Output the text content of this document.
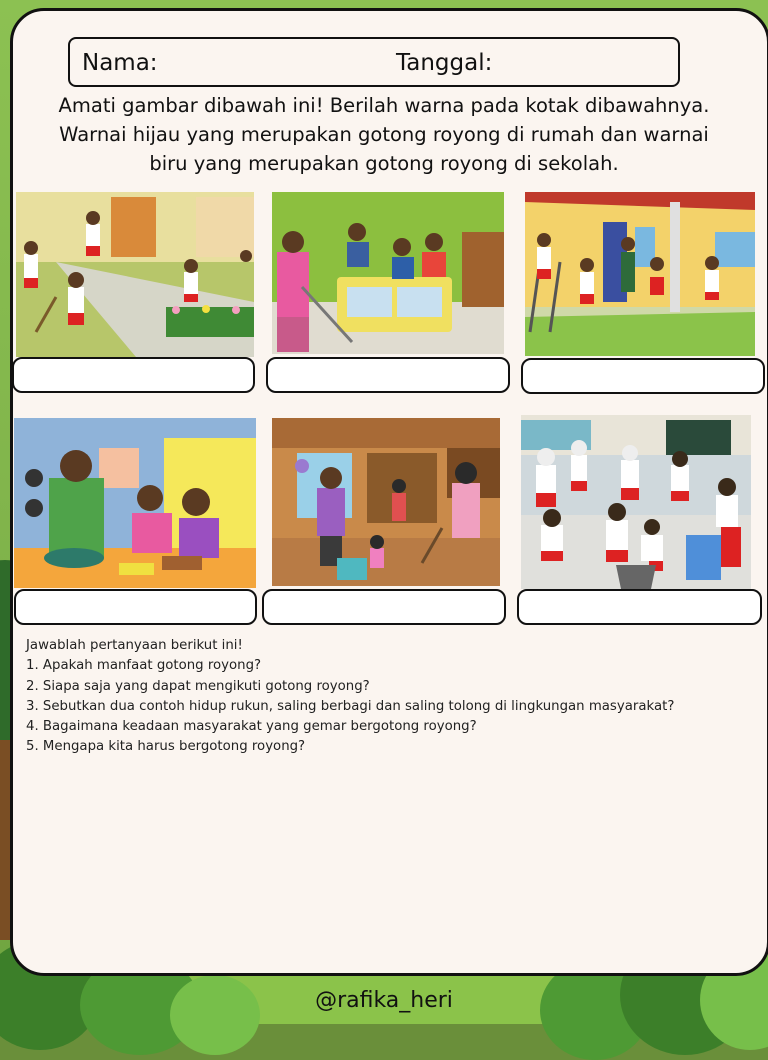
Nama:	Tanggal:
Amati gambar dibawah ini! Berilah warna pada kotak dibawahnya.
Warnai hijau yang merupakan gotong royong di rumah dan warnai
biru yang merupakan gotong royong di sekolah.
Jawablah pertanyaan berikut ini!
1. Apakah manfaat gotong royong?
2. Siapa saja yang dapat mengikuti gotong royong?
3. Sebutkan dua contoh hidup rukun, saling berbagi dan saling tolong di lingkungan masyarakat?
4. Bagaimana keadaan masyarakat yang gemar bergotong royong?
5. Mengapa kita harus bergotong royong?
@rafika_heri
